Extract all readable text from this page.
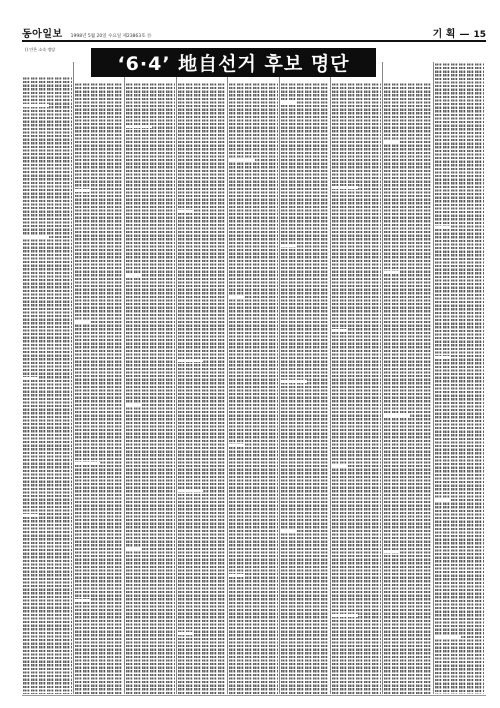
동아일보 1998년 5월 20일 수요일 제23863호 ⑮	기 획 — 15
() 안은 소속 정당
‘6·4’ 地自선거 후보 명단
